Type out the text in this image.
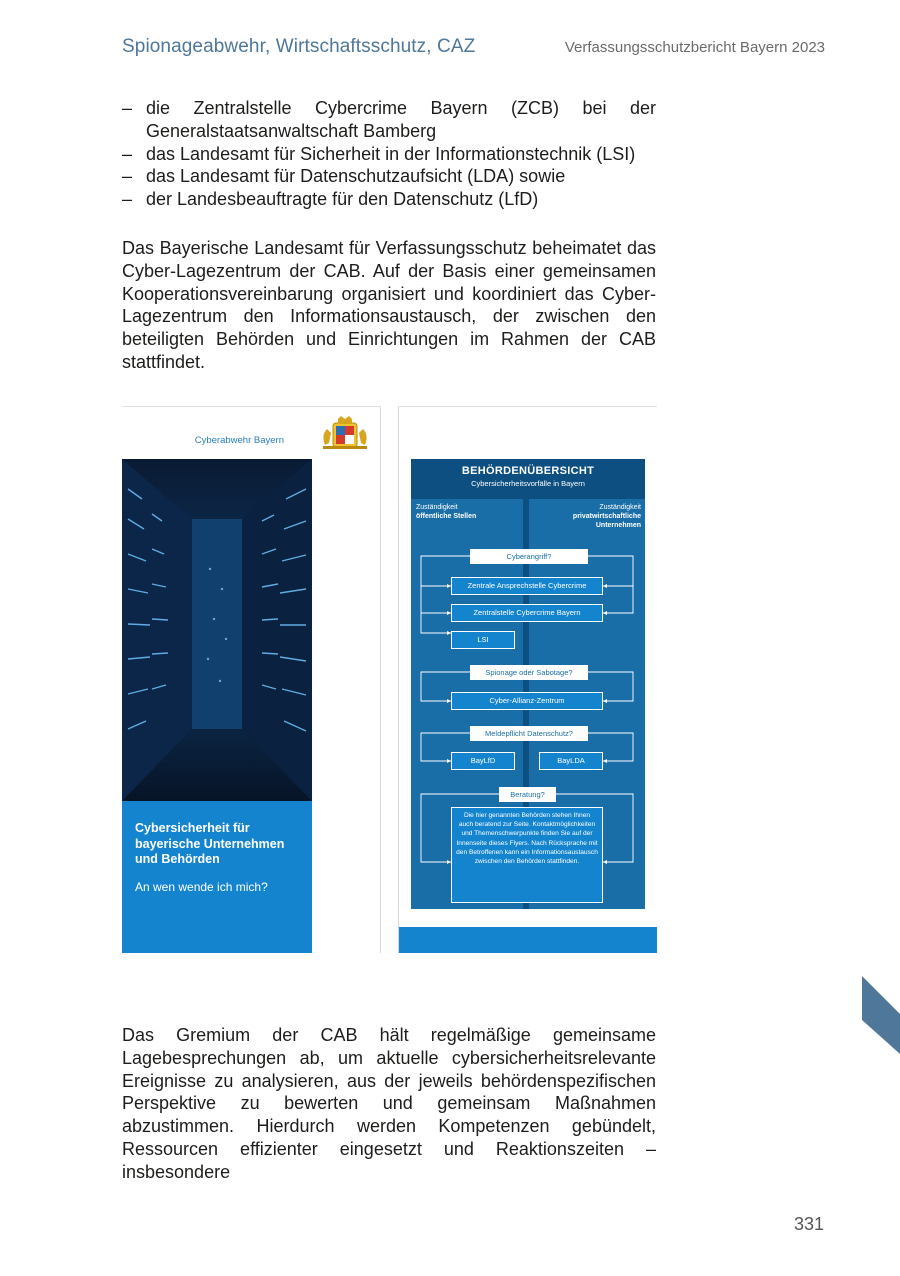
Spionageabwehr, Wirtschaftsschutz, CAZ	Verfassungsschutzbericht Bayern 2023
– die Zentralstelle Cybercrime Bayern (ZCB) bei der Generalstaatsanwaltschaft Bamberg
– das Landesamt für Sicherheit in der Informationstechnik (LSI)
– das Landesamt für Datenschutzaufsicht (LDA) sowie
– der Landesbeauftragte für den Datenschutz (LfD)

Das Bayerische Landesamt für Verfassungsschutz beheimatet das Cyber-Lagezentrum der CAB. Auf der Basis einer gemeinsamen Kooperationsvereinbarung organisiert und koordiniert das Cyber-Lagezentrum den Informationsaustausch, der zwischen den beteiligten Behörden und Einrichtungen im Rahmen der CAB stattfindet.

Cyberabwehr Bayern
Cybersicherheit für bayerische Unternehmen und Behörden
An wen wende ich mich?
BEHÖRDENÜBERSICHT
Cybersicherheitsvorfälle in Bayern
Zuständigkeit
öffentliche Stellen
Zuständigkeit
privatwirtschaftliche Unternehmen
Cyberangriff?
Zentrale Ansprechstelle Cybercrime
Zentralstelle Cybercrime Bayern
LSI
Spionage oder Sabotage?
Cyber-Allianz-Zentrum
Meldepflicht Datenschutz?
BayLfD	BayLDA
Beratung?
Die hier genannten Behörden stehen Ihnen auch beratend zur Seite. Kontaktmöglichkeiten und Themenschwerpunkte finden Sie auf der Innenseite dieses Flyers. Nach Rücksprache mit den Betroffenen kann ein Informationsaustausch zwischen den Behörden stattfinden.

Das Gremium der CAB hält regelmäßige gemeinsame Lagebesprechungen ab, um aktuelle cybersicherheitsrelevante Ereignisse zu analysieren, aus der jeweils behördenspezifischen Perspektive zu bewerten und gemeinsam Maßnahmen abzustimmen. Hierdurch werden Kompetenzen gebündelt, Ressourcen effizienter eingesetzt und Reaktionszeiten – insbesondere

331
